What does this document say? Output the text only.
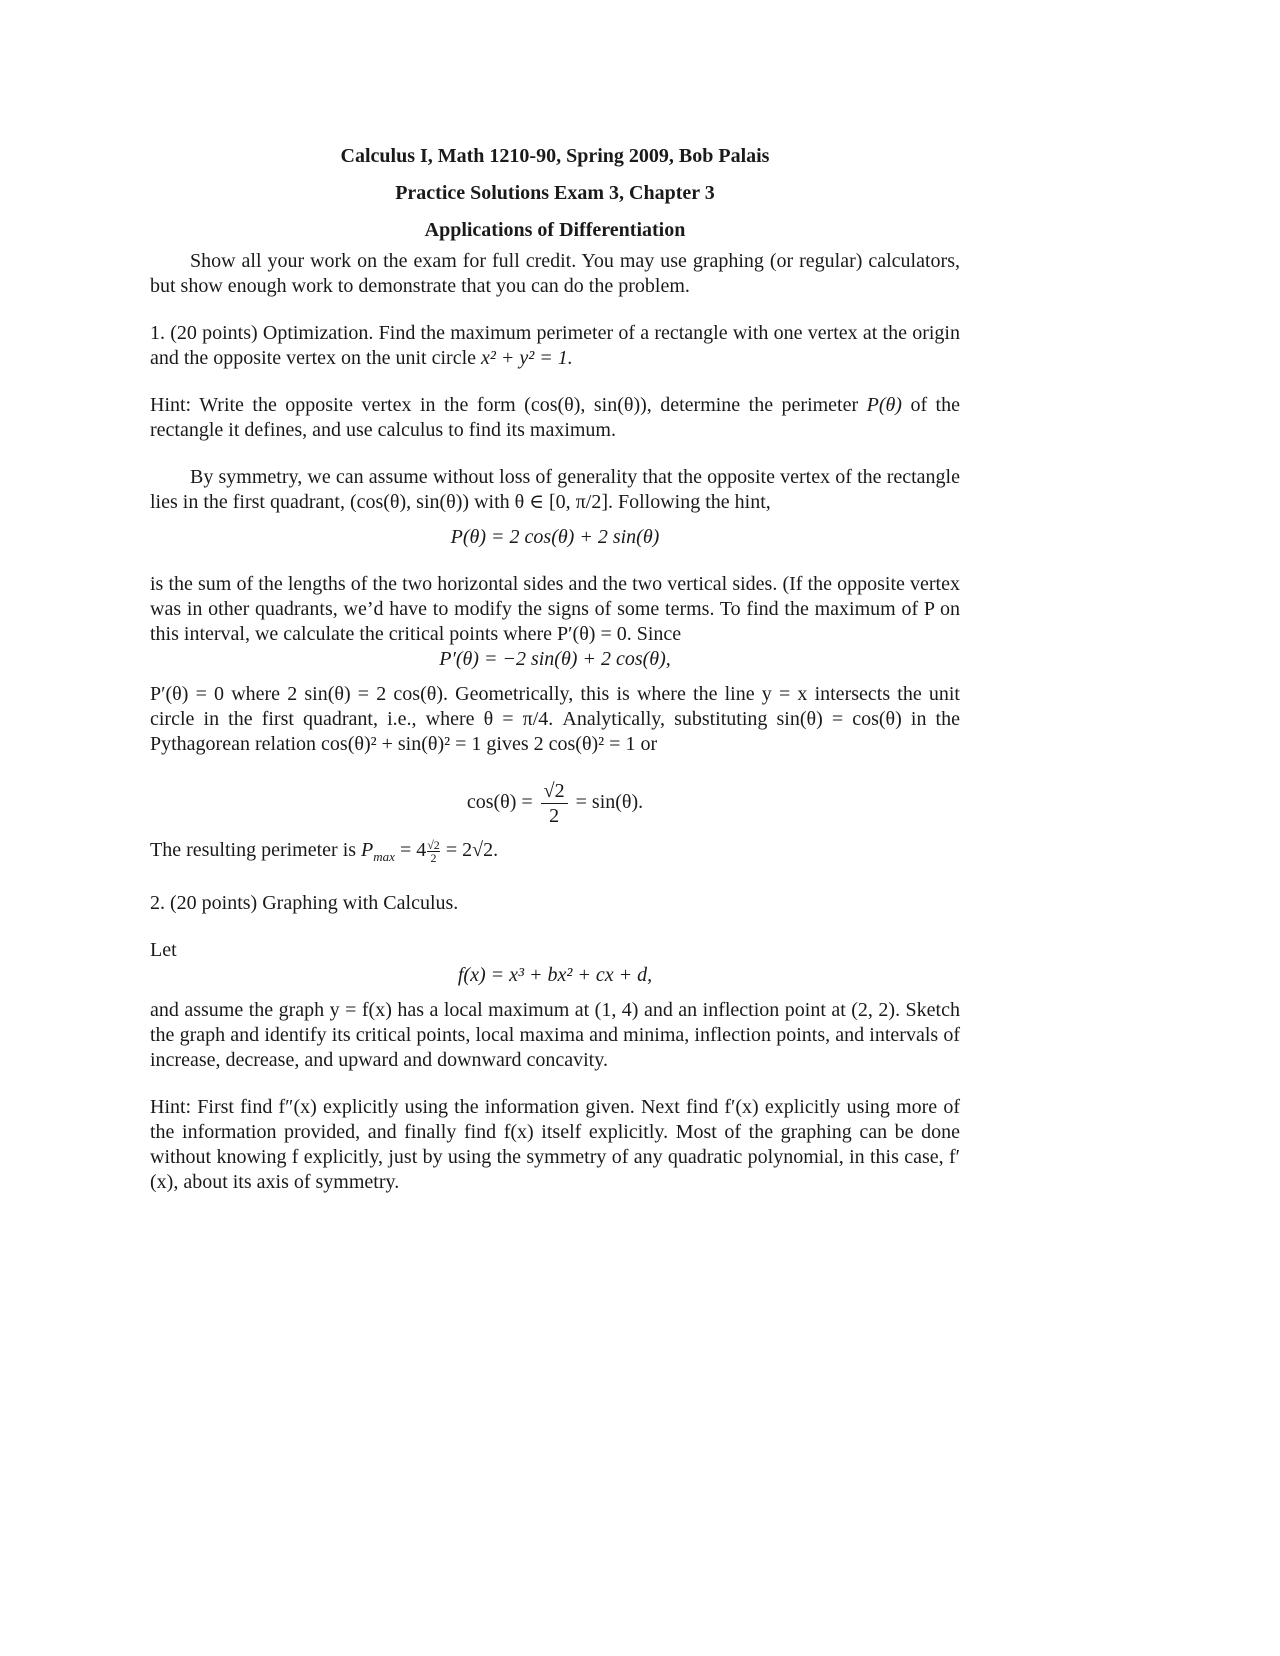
Calculus I, Math 1210-90, Spring 2009, Bob Palais
Practice Solutions Exam 3, Chapter 3
Applications of Differentiation

Show all your work on the exam for full credit. You may use graphing (or regular) calculators, but show enough work to demonstrate that you can do the problem.

1. (20 points) Optimization. Find the maximum perimeter of a rectangle with one vertex at the origin and the opposite vertex on the unit circle x² + y² = 1.

Hint: Write the opposite vertex in the form (cos(θ), sin(θ)), determine the perimeter P(θ) of the rectangle it defines, and use calculus to find its maximum.

By symmetry, we can assume without loss of generality that the opposite vertex of the rectangle lies in the first quadrant, (cos(θ), sin(θ)) with θ ∈ [0, π/2]. Following the hint,

P(θ) = 2 cos(θ) + 2 sin(θ)

is the sum of the lengths of the two horizontal sides and the two vertical sides. (If the opposite vertex was in other quadrants, we’d have to modify the signs of some terms. To find the maximum of P on this interval, we calculate the critical points where P′(θ) = 0. Since

P′(θ) = −2 sin(θ) + 2 cos(θ),

P′(θ) = 0 where 2 sin(θ) = 2 cos(θ). Geometrically, this is where the line y = x intersects the unit circle in the first quadrant, i.e., where θ = π/4. Analytically, substituting sin(θ) = cos(θ) in the Pythagorean relation cos(θ)² + sin(θ)² = 1 gives 2 cos(θ)² = 1 or

$\cos(\theta) = \frac{√2}{2} = \sin(\theta)$.

The resulting perimeter is $P_{max} = 4 \frac{√2}{2} = 2√2$.

2. (20 points) Graphing with Calculus.

Let

f(x) = x³ + bx² + cx + d,

and assume the graph y = f(x) has a local maximum at (1, 4) and an inflection point at (2, 2). Sketch the graph and identify its critical points, local maxima and minima, inflection points, and intervals of increase, decrease, and upward and downward concavity.

Hint: First find f″(x) explicitly using the information given. Next find f′(x) explicitly using more of the information provided, and finally find f(x) itself explicitly. Most of the graphing can be done without knowing f explicitly, just by using the symmetry of any quadratic polynomial, in this case, f′(x), about its axis of symmetry.
